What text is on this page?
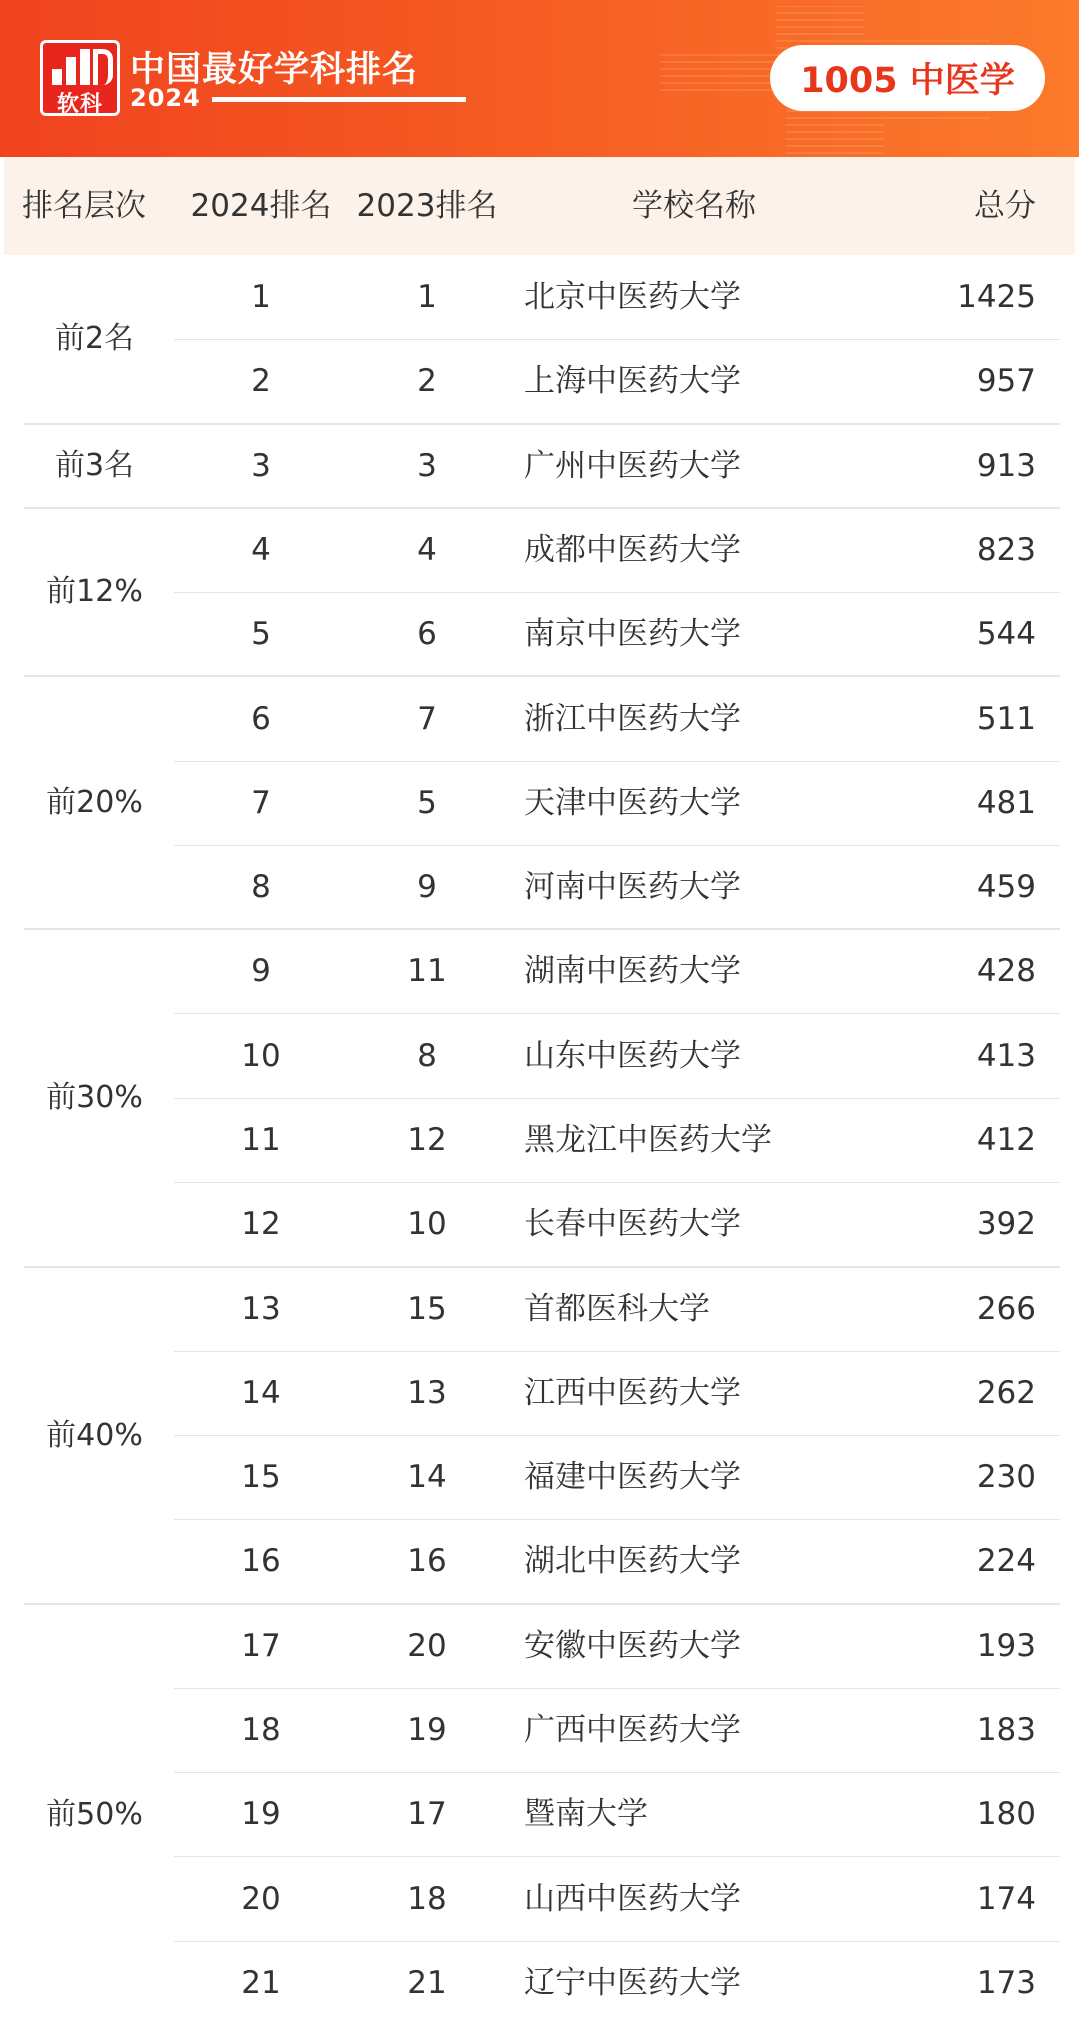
软科
中国最好学科排名
2024	1005 中医学
排名层次	2024排名 2023排名	学校名称	总分
前2名
1	1	北京中医药大学	1425
2	2	上海中医药大学	957
前3名	3	3	广州中医药大学	913
前12%
4	4	成都中医药大学	823
5	6	南京中医药大学	544
前20%
6	7	浙江中医药大学	511
7	5	天津中医药大学	481
8	9	河南中医药大学	459
前30%
9	11	湖南中医药大学	428
10	8	山东中医药大学	413
11	12	黑龙江中医药大学	412
12	10	长春中医药大学	392
前40%
13	15	首都医科大学	266
14	13	江西中医药大学	262
15	14	福建中医药大学	230
16	16	湖北中医药大学	224
前50%
17	20	安徽中医药大学	193
18	19	广西中医药大学	183
19	17	暨南大学	180
20	18	山西中医药大学	174
21	21	辽宁中医药大学	173
